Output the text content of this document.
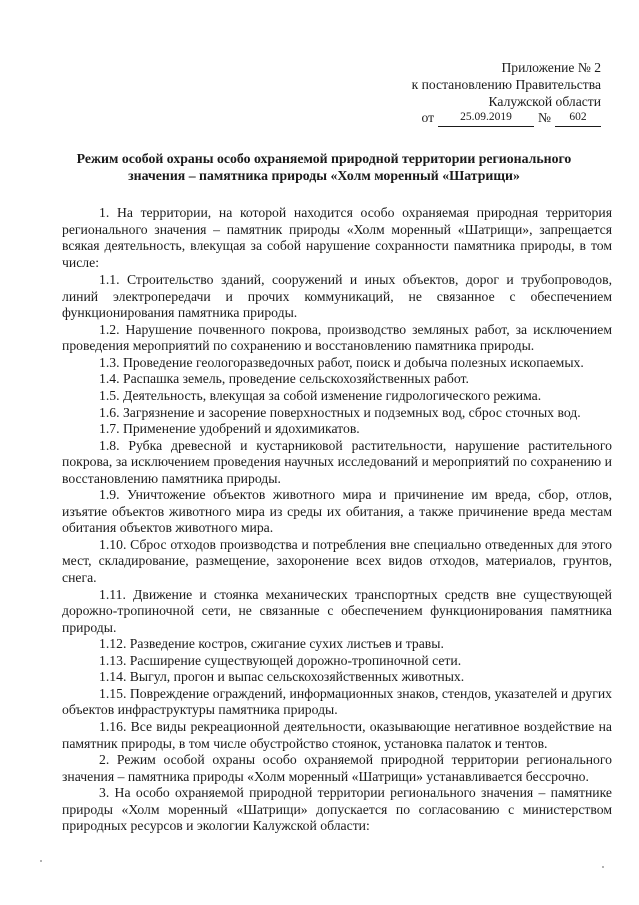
Приложение № 2
к постановлению Правительства
Калужской области
от	25.09.2019	№	602
Режим особой охраны особо охраняемой природной территории регионального значения – памятника природы «Холм моренный «Шатрищи»

1. На территории, на которой находится особо охраняемая природная территория регионального значения – памятник природы «Холм моренный «Шатрищи», запрещается всякая деятельность, влекущая за собой нарушение сохранности памятника природы, в том числе:

1.1. Строительство зданий, сооружений и иных объектов, дорог и трубопроводов, линий электропередачи и прочих коммуникаций, не связанное с обеспечением функционирования памятника природы.

1.2. Нарушение почвенного покрова, производство земляных работ, за исключением проведения мероприятий по сохранению и восстановлению памятника природы.

1.3. Проведение геологоразведочных работ, поиск и добыча полезных ископаемых.

1.4. Распашка земель, проведение сельскохозяйственных работ.

1.5. Деятельность, влекущая за собой изменение гидрологического режима.

1.6. Загрязнение и засорение поверхностных и подземных вод, сброс сточных вод.

1.7. Применение удобрений и ядохимикатов.

1.8. Рубка древесной и кустарниковой растительности, нарушение растительного покрова, за исключением проведения научных исследований и мероприятий по сохранению и восстановлению памятника природы.

1.9. Уничтожение объектов животного мира и причинение им вреда, сбор, отлов, изъятие объектов животного мира из среды их обитания, а также причинение вреда местам обитания объектов животного мира.

1.10. Сброс отходов производства и потребления вне специально отведенных для этого мест, складирование, размещение, захоронение всех видов отходов, материалов, грунтов, снега.

1.11. Движение и стоянка механических транспортных средств вне существующей дорожно-тропиночной сети, не связанные с обеспечением функционирования памятника природы.

1.12. Разведение костров, сжигание сухих листьев и травы.

1.13. Расширение существующей дорожно-тропиночной сети.

1.14. Выгул, прогон и выпас сельскохозяйственных животных.

1.15. Повреждение ограждений, информационных знаков, стендов, указателей и других объектов инфраструктуры памятника природы.

1.16. Все виды рекреационной деятельности, оказывающие негативное воздействие на памятник природы, в том числе обустройство стоянок, установка палаток и тентов.

2. Режим особой охраны особо охраняемой природной территории регионального значения – памятника природы «Холм моренный «Шатрищи» устанавливается бессрочно.

3. На особо охраняемой природной территории регионального значения – памятнике природы «Холм моренный «Шатрищи» допускается по согласованию с министерством природных ресурсов и экологии Калужской области:
